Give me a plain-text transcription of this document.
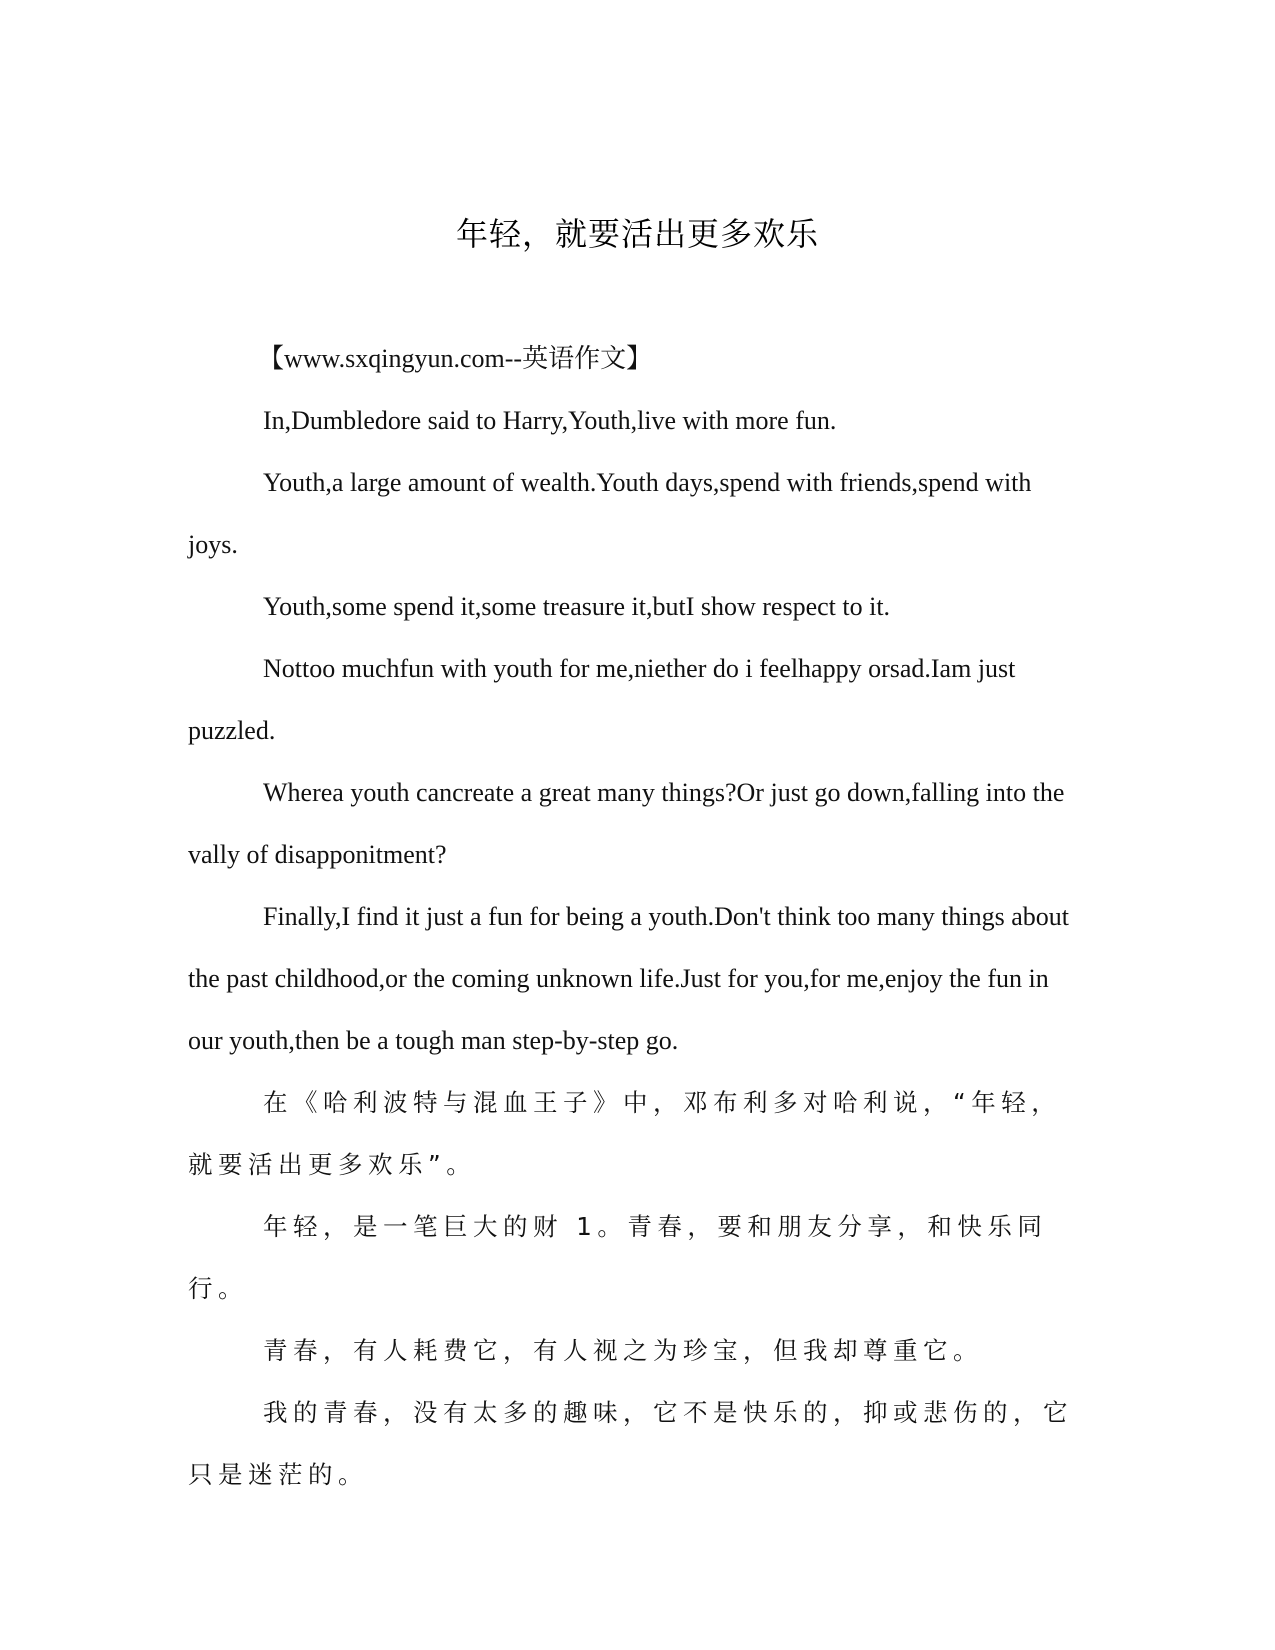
年轻，就要活出更多欢乐

【www.sxqingyun.com--英语作文】

In,Dumbledore said to Harry,Youth,live with more fun.

Youth,a large amount of wealth.Youth days,spend with friends,spend with joys.

Youth,some spend it,some treasure it,butI show respect to it.

Nottoo muchfun with youth for me,niether do i feelhappy orsad.Iam just puzzled.

Wherea youth cancreate a great many things?Or just go down,falling into the vally of disapponitment?

Finally,I find it just a fun for being a youth.Don't think too many things about the past childhood,or the coming unknown life.Just for you,for me,enjoy the fun in our youth,then be a tough man step-by-step go.

在《哈利波特与混血王子》中，邓布利多对哈利说，“年轻，就要活出更多欢乐”。

年轻，是一笔巨大的财 1。青春，要和朋友分享，和快乐同行。

青春，有人耗费它，有人视之为珍宝，但我却尊重它。

我的青春，没有太多的趣味，它不是快乐的，抑或悲伤的，它只是迷茫的。
